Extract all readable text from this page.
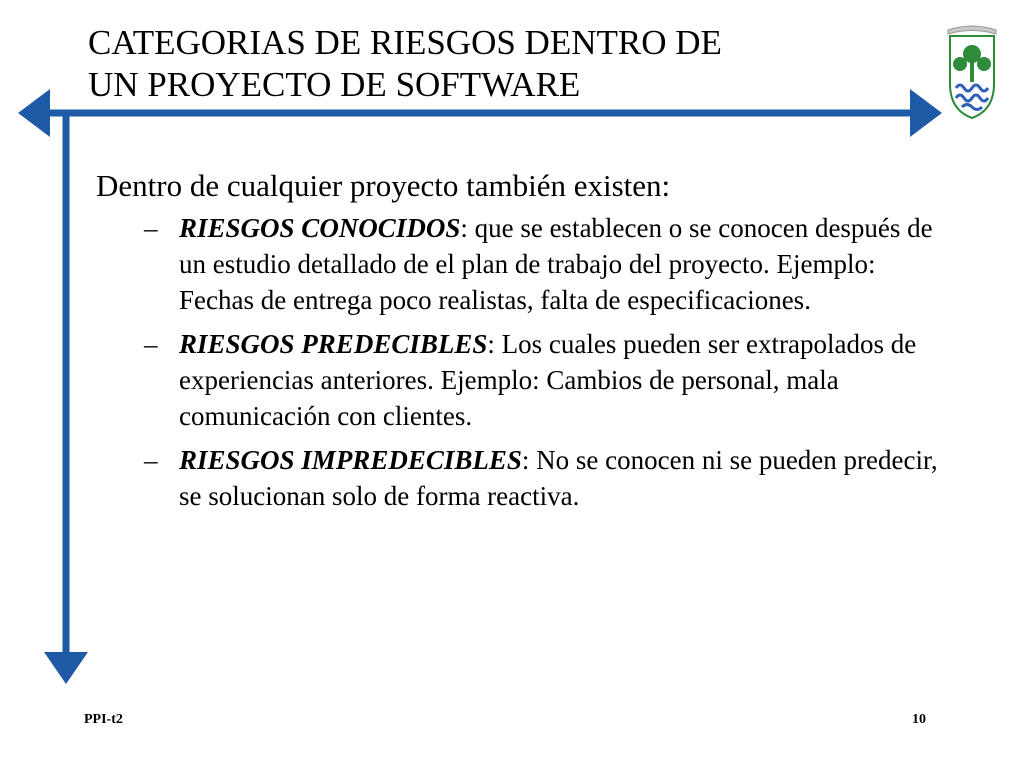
CATEGORIAS DE RIESGOS DENTRO DE
UN PROYECTO DE SOFTWARE

Dentro de cualquier proyecto también existen:

– RIESGOS CONOCIDOS: que se establecen o se conocen después de un estudio detallado de el plan de trabajo del proyecto. Ejemplo: Fechas de entrega poco realistas, falta de especificaciones.
– RIESGOS PREDECIBLES: Los cuales pueden ser extrapolados de experiencias anteriores. Ejemplo: Cambios de personal, mala comunicación con clientes.
– RIESGOS IMPREDECIBLES: No se conocen ni se pueden predecir, se solucionan solo de forma reactiva.
PPI-t2	10
